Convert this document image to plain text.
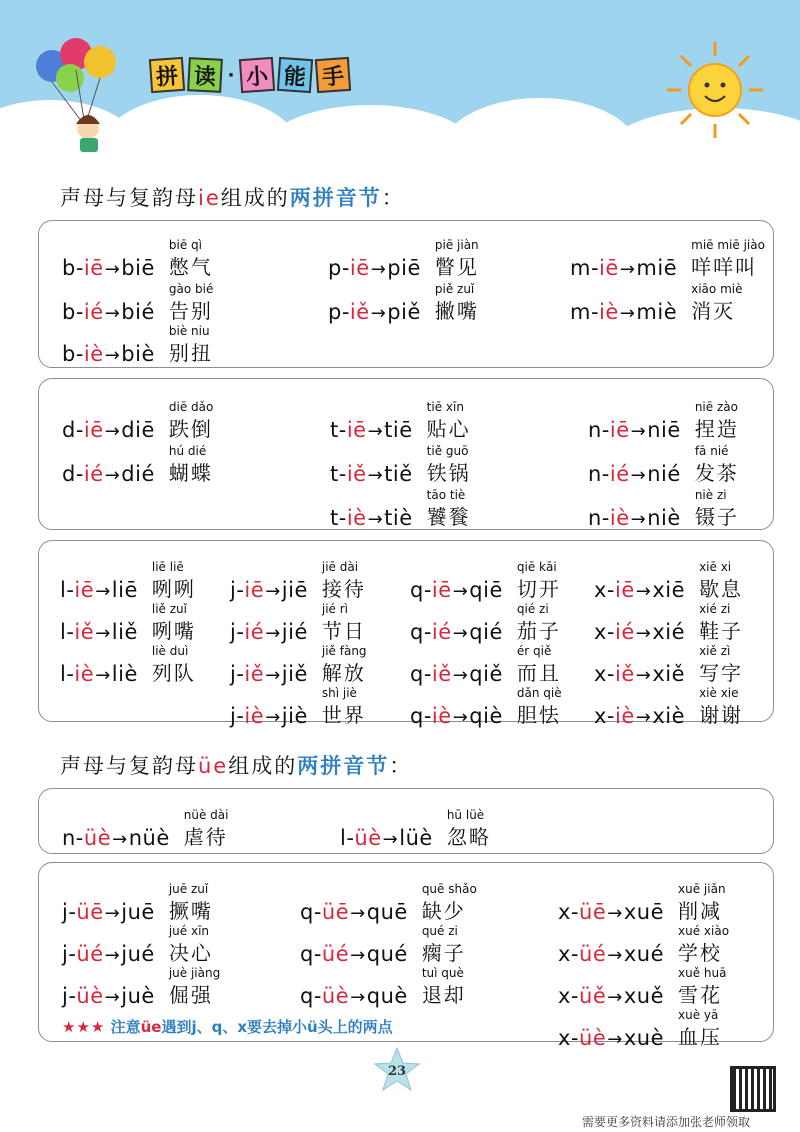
拼 读 · 小 能 手
声母与复韵母ie组成的两拼音节：
声母与复韵母üe组成的两拼音节：
b-iē→biē
biē qì
憋气
b-ié→bié
gào bié
告别
b-iè→biè
biè niu
别扭
p-iē→piē
piē jiàn
瞥见
p-iě→piě
piě zuǐ
撇嘴
m-iē→miē
miē miē jiào
咩咩叫
m-iè→miè
xiāo miè
消灭
d-iē→diē
diē dǎo
跌倒
d-ié→dié
hú dié
蝴蝶
t-iē→tiē
tiē xīn
贴心
t-iě→tiě
tiě guō
铁锅
t-iè→tiè
tāo tiè
饕餮
n-iē→niē
niē zào
捏造
n-ié→nié
fā nié
发茶
n-iè→niè
niè zi
镊子
l-iē→liē
liē liē
咧咧
l-iě→liě
liě zuǐ
咧嘴
l-iè→liè
liè duì
列队
j-iē→jiē
jiē dài
接待
j-ié→jié
jié rì
节日
j-iě→jiě
jiě fàng
解放
j-iè→jiè
shì jiè
世界
q-iē→qiē
qiē kāi
切开
q-ié→qié
qié zi
茄子
q-iě→qiě
ér qiě
而且
q-iè→qiè
dǎn qiè
胆怯
x-iē→xiē
xiē xi
歇息
x-ié→xié
xié zi
鞋子
x-iě→xiě
xiě zì
写字
x-iè→xiè
xiè xie
谢谢
n-üè→nüè
nüè dài
虐待	l-üè→lüè
hū lüè
忽略
j-üē→juē
juē zuǐ
撅嘴
j-üé→jué
jué xīn
决心
j-üè→juè
juè jiàng
倔强
q-üē→quē
quē shǎo
缺少
q-üé→qué
qué zi
瘸子
q-üè→què
tuì què
退却
x-üē→xuē
xuē jiǎn
削减
x-üé→xué
xué xiào
学校
x-üě→xuě
xuě huā
雪花
x-üè→xuè
xuè yā
血压
★★★ 注意üe遇到j、q、x要去掉小ü头上的两点
23
需要更多资料请添加张老师领取
